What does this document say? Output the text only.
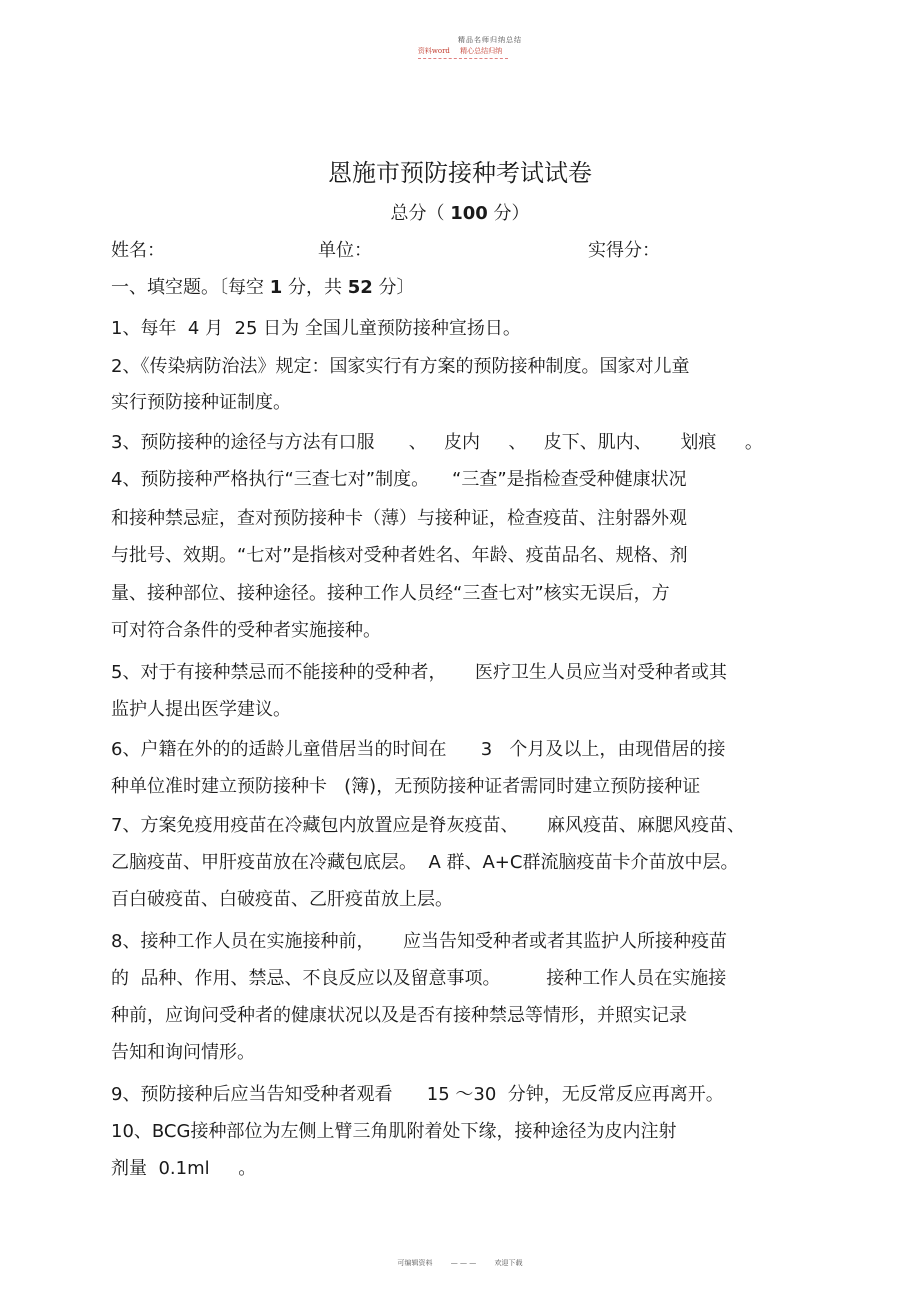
精品名师归纳总结
资料word 精心总结归纳
恩施市预防接种考试试卷
总分（ 100 分）
姓名：	单位：	实得分：
一、填空题。〔每空 1 分，共 52 分〕
1、每年  4 月  25 日为 全国儿童预防接种宣扬日。
2、《传染病防治法》规定：国家实行有方案的预防接种制度。国家对儿童
实行预防接种证制度。
3、预防接种的途径与方法有口服      、   皮内     、   皮下、肌内、     划痕     。
4、预防接种严格执行“三查七对”制度。    “三查”是指检查受种健康状况
和接种禁忌症，查对预防接种卡（薄）与接种证，检查疫苗、注射器外观
与批号、效期。“七对”是指核对受种者姓名、年龄、疫苗品名、规格、剂
量、接种部位、接种途径。接种工作人员经“三查七对”核实无误后，方
可对符合条件的受种者实施接种。
5、对于有接种禁忌而不能接种的受种者，     医疗卫生人员应当对受种者或其
监护人提出医学建议。
6、户籍在外的的适龄儿童借居当的时间在      3   个月及以上，由现借居的接
种单位准时建立预防接种卡   (簿)，无预防接种证者需同时建立预防接种证
7、方案免疫用疫苗在冷藏包内放置应是脊灰疫苗、     麻风疫苗、麻腮风疫苗、
乙脑疫苗、甲肝疫苗放在冷藏包底层。  A 群、A+C群流脑疫苗卡介苗放中层。
百白破疫苗、白破疫苗、乙肝疫苗放上层。
8、接种工作人员在实施接种前，     应当告知受种者或者其监护人所接种疫苗
的  品种、作用、禁忌、不良反应以及留意事项。        接种工作人员在实施接
种前，应询问受种者的健康状况以及是否有接种禁忌等情形，并照实记录
告知和询问情形。
9、预防接种后应当告知受种者观看      15 ～30  分钟，无反常反应再离开。
10、BCG接种部位为左侧上臂三角肌附着处下缘，接种途径为皮内注射
剂量  0.1ml     。
可编辑资料	— — —	欢迎下载
